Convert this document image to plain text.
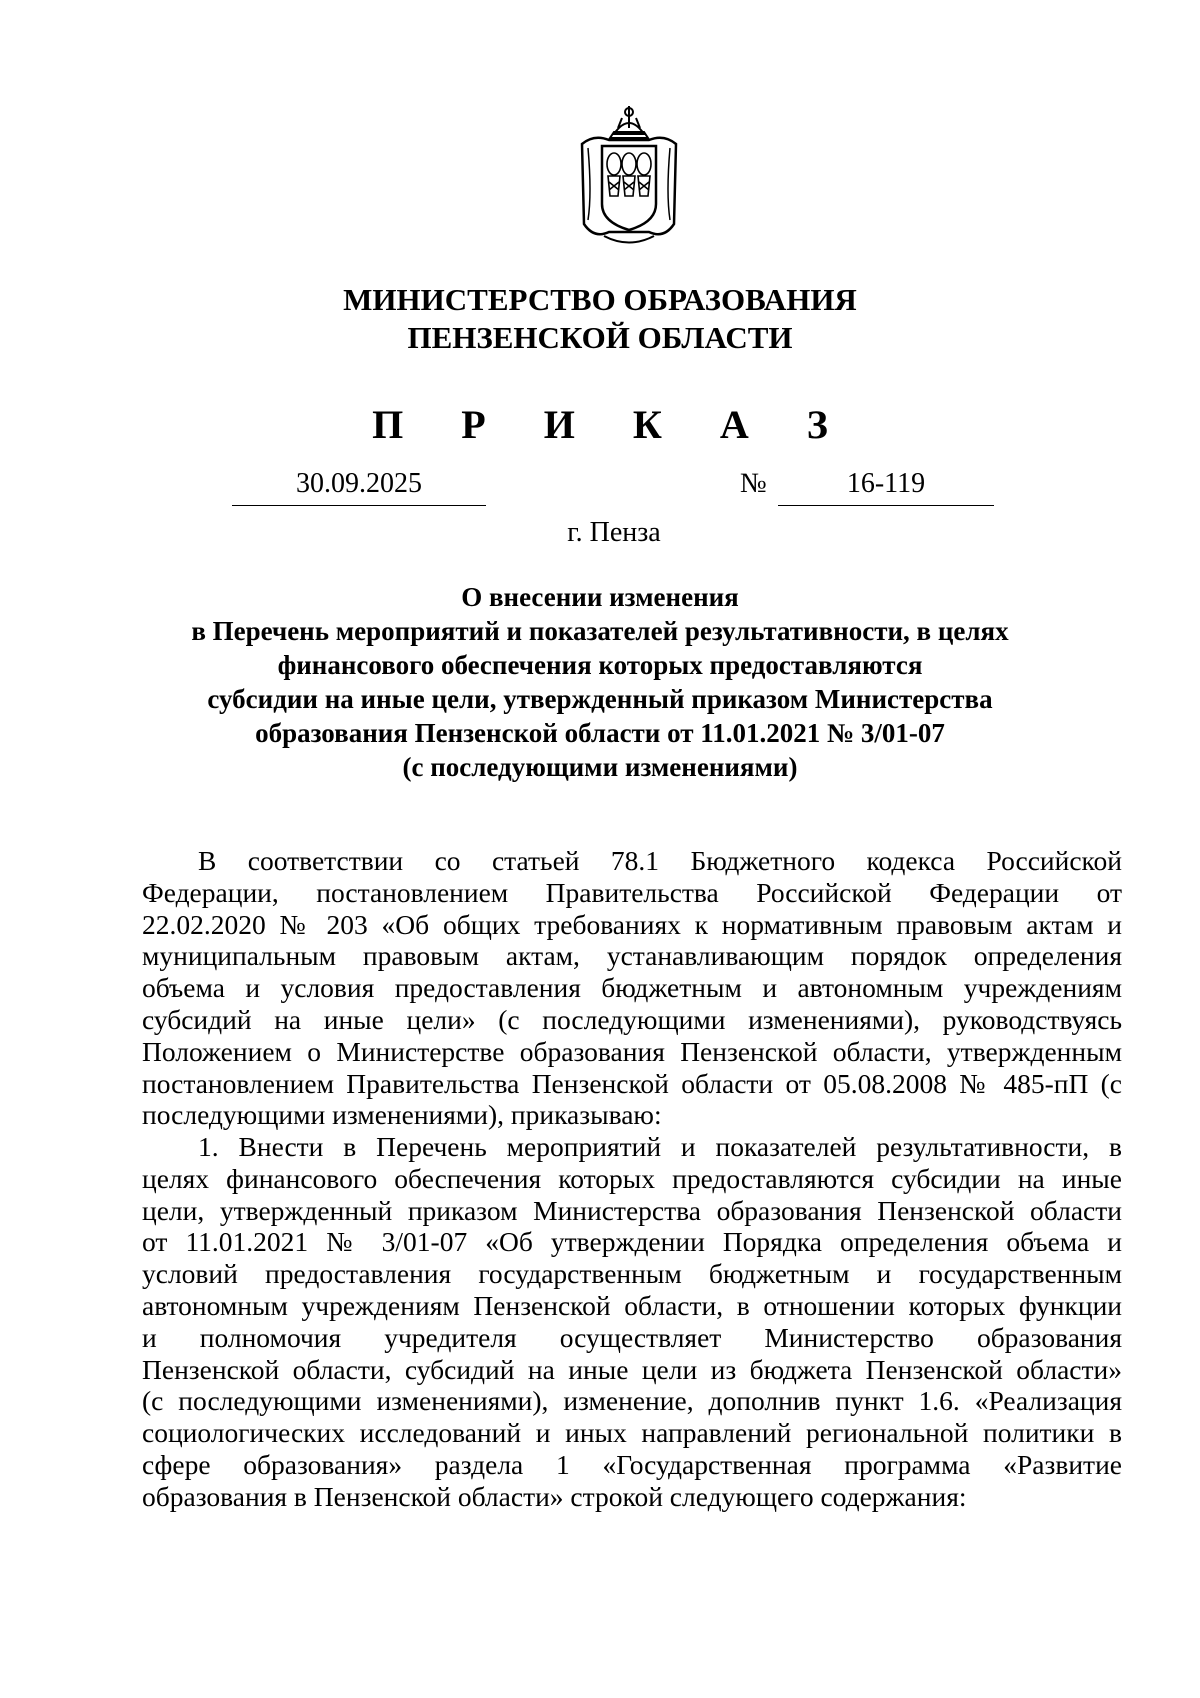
МИНИСТЕРСТВО ОБРАЗОВАНИЯ
ПЕНЗЕНСКОЙ ОБЛАСТИ
П Р И К А З
30.09.2025	№	16-119
г. Пенза
О внесении изменения
в Перечень мероприятий и показателей результативности, в целях
финансового обеспечения которых предоставляются
субсидии на иные цели, утвержденный приказом Министерства
образования Пензенской области от 11.01.2021 № 3/01-07
(с последующими изменениями)
В соответствии со статьей 78.1 Бюджетного кодекса Российской
Федерации, постановлением Правительства Российской Федерации от
22.02.2020 № 203 «Об общих требованиях к нормативным правовым актам и
муниципальным правовым актам, устанавливающим порядок определения
объема и условия предоставления бюджетным и автономным учреждениям
субсидий на иные цели» (с последующими изменениями), руководствуясь
Положением о Министерстве образования Пензенской области, утвержденным
постановлением Правительства Пензенской области от 05.08.2008 № 485-пП (с
последующими изменениями), приказываю:
1. Внести в Перечень мероприятий и показателей результативности, в
целях финансового обеспечения которых предоставляются субсидии на иные
цели, утвержденный приказом Министерства образования Пензенской области
от 11.01.2021 № 3/01-07 «Об утверждении Порядка определения объема и
условий предоставления государственным бюджетным и государственным
автономным учреждениям Пензенской области, в отношении которых функции
и полномочия учредителя осуществляет Министерство образования
Пензенской области, субсидий на иные цели из бюджета Пензенской области»
(с последующими изменениями), изменение, дополнив пункт 1.6. «Реализация
социологических исследований и иных направлений региональной политики в
сфере образования» раздела 1 «Государственная программа «Развитие
образования в Пензенской области» строкой следующего содержания:
